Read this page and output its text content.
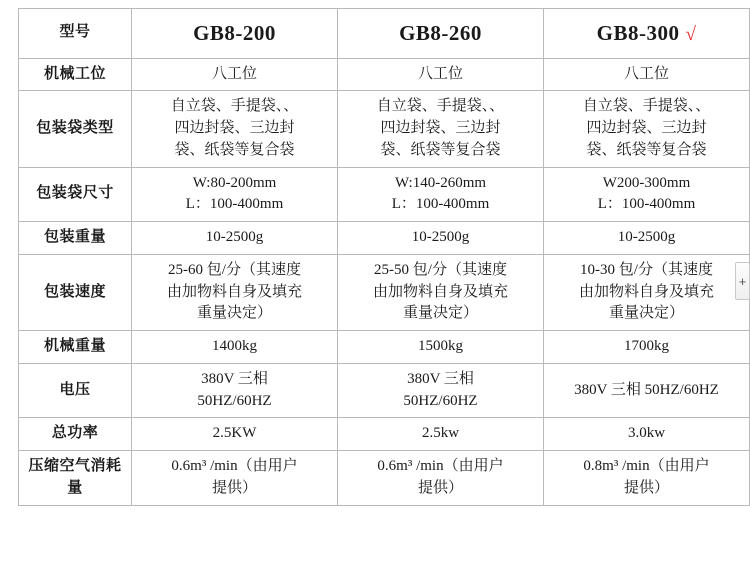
型号	GB8-200	GB8-260	GB8-300 √
机械工位	八工位	八工位	八工位

包装袋类型	自立袋、手提袋、、
四边封袋、三边封
袋、纸袋等复合袋	自立袋、手提袋、、
四边封袋、三边封
袋、纸袋等复合袋	自立袋、手提袋、、
四边封袋、三边封
袋、纸袋等复合袋

包装袋尺寸	W:80-200mm
L：100-400mm	W:140-260mm
L：100-400mm	W200-300mm
L：100-400mm

包装重量	10-2500g	10-2500g	10-2500g

包装速度	25-60 包/分（其速度
由加物料自身及填充
重量决定）	25-50 包/分（其速度
由加物料自身及填充
重量决定）	10-30 包/分（其速度
由加物料自身及填充
重量决定）

机械重量	1400kg	1500kg	1700kg

电压	380V 三相
50HZ/60HZ	380V 三相
50HZ/60HZ	380V 三相 50HZ/60HZ

总功率	2.5KW	2.5kw	3.0kw

压缩空气消耗量	0.6m³ /min（由用户
提供）	0.6m³ /min（由用户
提供）	0.8m³ /min（由用户
提供）
+
